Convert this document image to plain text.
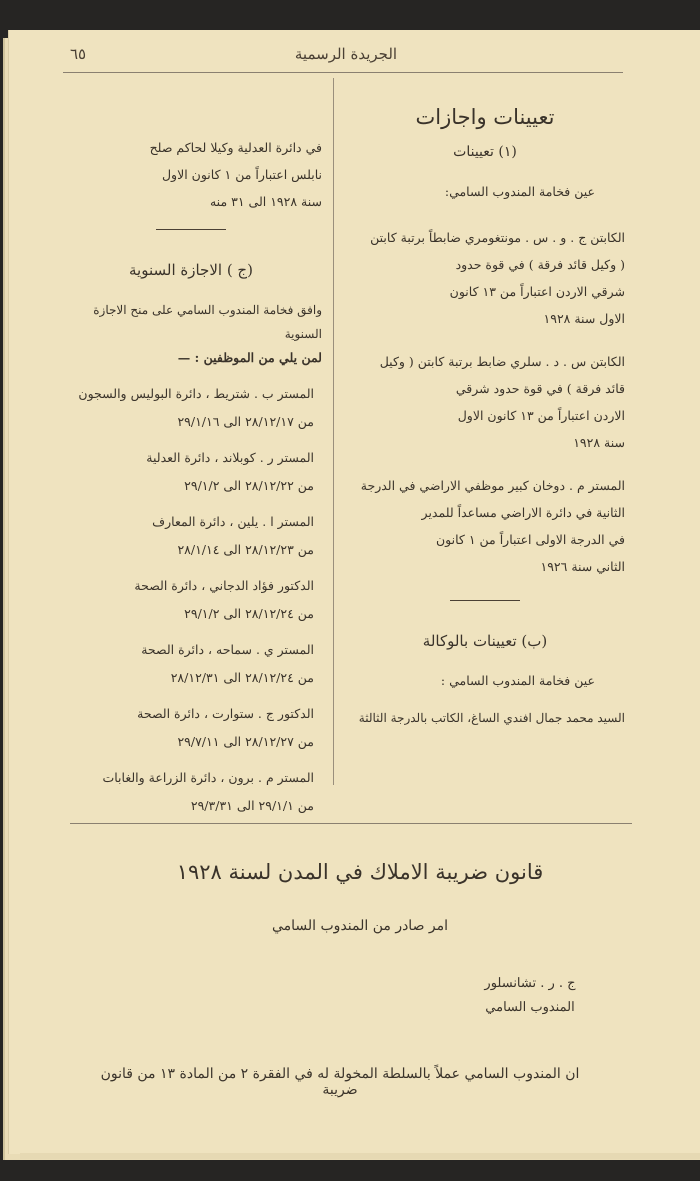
الجريدة الرسمية
٦٥
تعيينات واجازات
(١) تعيينات
عين فخامة المندوب السامي:

الكابتن ج . و . س . مونتغومري ضابطاً برتبة كابتن

( وكيل قائد فرقة ) في قوة حدود

شرقي الاردن اعتباراً من ١٣ كانون

الاول سنة ١٩٢٨

الكابتن س . د . سلري ضابط برتبة كابتن ( وكيل

قائد فرقة ) في قوة حدود شرقي

الاردن اعتباراً من ١٣ كانون الاول

سنة ١٩٢٨

المستر م . دوخان كبير موظفي الاراضي في الدرجة

الثانية في دائرة الاراضي مساعداً للمدير

في الدرجة الاولى اعتباراً من ١ كانون

الثاني سنة ١٩٢٦

(ب) تعيينات بالوكالة
عين فخامة المندوب السامي :

السيد محمد جمال افندي الساغ، الكاتب بالدرجة الثالثة

في دائرة العدلية وكيلا لحاكم صلح

نابلس اعتباراً من ١ كانون الاول

سنة ١٩٢٨ الى ٣١ منه

(ج ) الاجازة السنوية
وافق فخامة المندوب السامي على منح الاجازة السنوية
لمن يلي من الموظفين : —
المستر ب . شتريط ، دائرة البوليس والسجون
من ٢٨/١٢/١٧ الى ٢٩/١/١٦
المستر ر . كوبلاند ، دائرة العدلية
من ٢٨/١٢/٢٢ الى ٢٩/١/٢
المستر ا . يلين ، دائرة المعارف
من ٢٨/١٢/٢٣ الى ٢٨/١/١٤
الدكتور فؤاد الدجاني ، دائرة الصحة
من ٢٨/١٢/٢٤ الى ٢٩/١/٢
المستر ي . سماحه ، دائرة الصحة
من ٢٨/١٢/٢٤ الى ٢٨/١٢/٣١
الدكتور ج . ستوارت ، دائرة الصحة
من ٢٨/١٢/٢٧ الى ٢٩/٧/١١
المستر م . برون ، دائرة الزراعة والغابات
من ٢٩/١/١ الى ٢٩/٣/٣١
قانون ضريبة الاملاك في المدن لسنة ١٩٢٨
امر صادر من المندوب السامي
ج . ر . تشانسلور
المندوب السامي
ان المندوب السامي عملاً بالسلطة المخولة له في الفقرة ٢ من المادة ١٣ من قانون ضريبة
